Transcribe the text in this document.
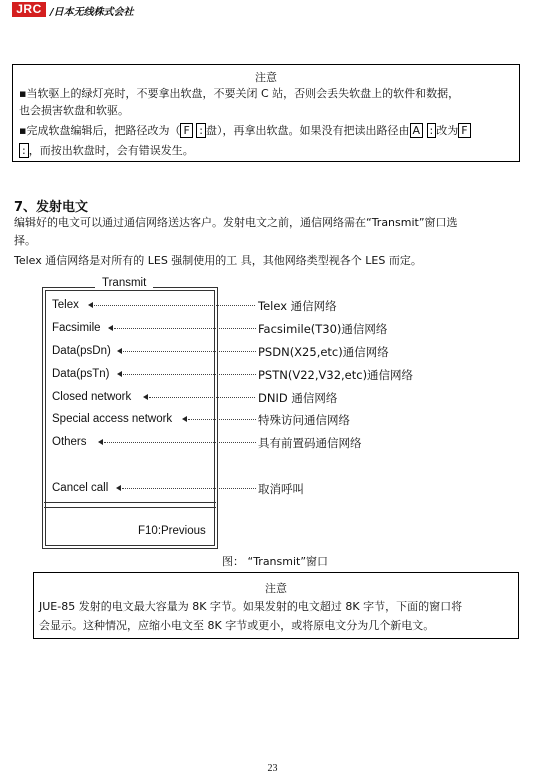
JRC /日本无线株式会社
注意
▪当软驱上的绿灯亮时，不要拿出软盘，不要关闭 C 站，否则会丢失软盘上的软件和数据，
也会损害软盘和软驱。
▪完成软盘编辑后，把路径改为（ F : 盘），再拿出软盘。如果没有把读出路径由 A : 改为 F
: ，而按出软盘时，会有错误发生。
7、发射电文
编辑好的电文可以通过通信网络送达客户。发射电文之前，通信网络需在“Transmit”窗口选
择。
Telex 通信网络是对所有的 LES 强制使用的工 具，其他网络类型视各个 LES 而定。
Transmit
Telex	Telex 通信网络
Facsimile	Facsimile(T30)通信网络
Data(psDn)	PSDN(X25,etc)通信网络
Data(psTn)	PSTN(V22,V32,etc)通信网络
Closed network	DNID 通信网络
Special access network	特殊访问通信网络
Others	具有前置码通信网络
Cancel call	取消呼叫
F10:Previous
图： “Transmit”窗口
注意
JUE-85 发射的电文最大容量为 8K 字节。如果发射的电文超过 8K 字节，下面的窗口将
会显示。这种情况，应缩小电文至 8K 字节或更小，或将原电文分为几个新电文。
23
